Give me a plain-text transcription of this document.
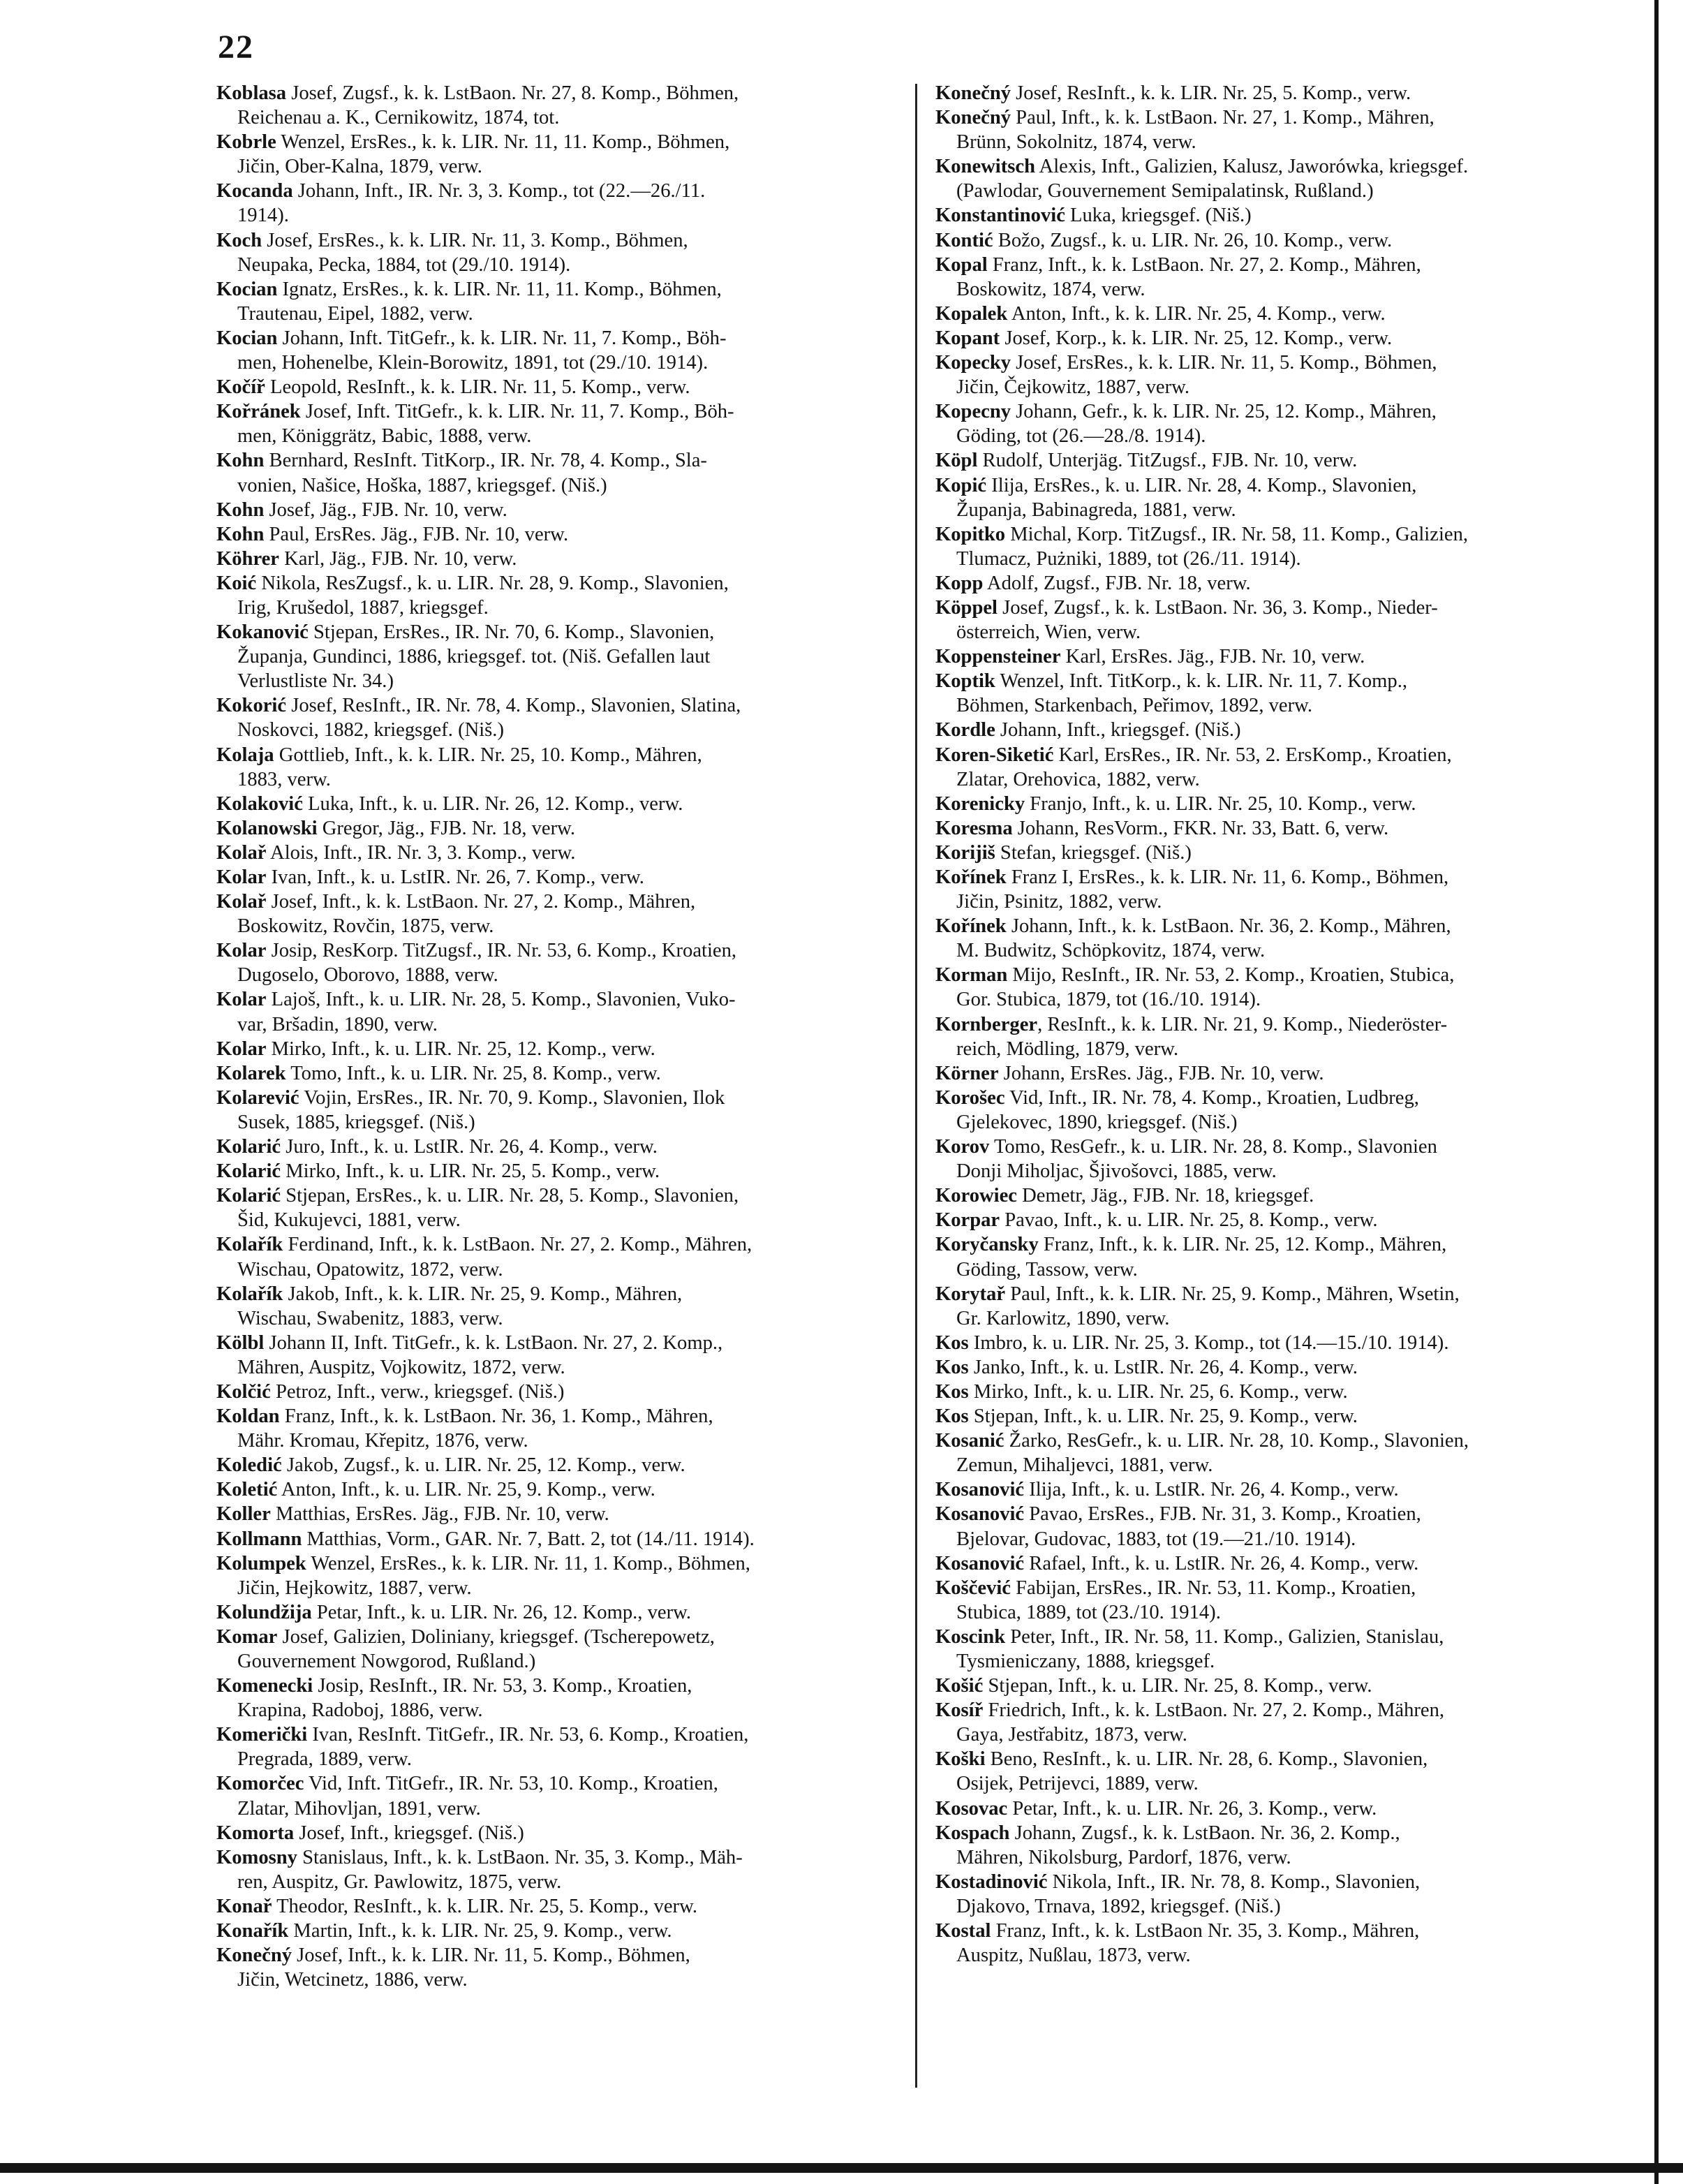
22
Koblasa Josef, Zugsf., k. k. LstBaon. Nr. 27, 8. Komp., Böhmen,
Reichenau a. K., Cernikowitz, 1874, tot.
Kobrle Wenzel, ErsRes., k. k. LIR. Nr. 11, 11. Komp., Böhmen,
Jičin, Ober-Kalna, 1879, verw.
Kocanda Johann, Inft., IR. Nr. 3, 3. Komp., tot (22.—26./11.
1914).
Koch Josef, ErsRes., k. k. LIR. Nr. 11, 3. Komp., Böhmen,
Neupaka, Pecka, 1884, tot (29./10. 1914).
Kocian Ignatz, ErsRes., k. k. LIR. Nr. 11, 11. Komp., Böhmen,
Trautenau, Eipel, 1882, verw.
Kocian Johann, Inft. TitGefr., k. k. LIR. Nr. 11, 7. Komp., Böh-
men, Hohenelbe, Klein-Borowitz, 1891, tot (29./10. 1914).
Kočíř Leopold, ResInft., k. k. LIR. Nr. 11, 5. Komp., verw.
Kořránek Josef, Inft. TitGefr., k. k. LIR. Nr. 11, 7. Komp., Böh-
men, Königgrätz, Babic, 1888, verw.
Kohn Bernhard, ResInft. TitKorp., IR. Nr. 78, 4. Komp., Sla-
vonien, Našice, Hoška, 1887, kriegsgef. (Niš.)
Kohn Josef, Jäg., FJB. Nr. 10, verw.
Kohn Paul, ErsRes. Jäg., FJB. Nr. 10, verw.
Köhrer Karl, Jäg., FJB. Nr. 10, verw.
Koić Nikola, ResZugsf., k. u. LIR. Nr. 28, 9. Komp., Slavonien,
Irig, Krušedol, 1887, kriegsgef.
Kokanović Stjepan, ErsRes., IR. Nr. 70, 6. Komp., Slavonien,
Županja, Gundinci, 1886, kriegsgef. tot. (Niš. Gefallen laut
Verlustliste Nr. 34.)
Kokorić Josef, ResInft., IR. Nr. 78, 4. Komp., Slavonien, Slatina,
Noskovci, 1882, kriegsgef. (Niš.)
Kolaja Gottlieb, Inft., k. k. LIR. Nr. 25, 10. Komp., Mähren,
1883, verw.
Kolaković Luka, Inft., k. u. LIR. Nr. 26, 12. Komp., verw.
Kolanowski Gregor, Jäg., FJB. Nr. 18, verw.
Kolař Alois, Inft., IR. Nr. 3, 3. Komp., verw.
Kolar Ivan, Inft., k. u. LstIR. Nr. 26, 7. Komp., verw.
Kolař Josef, Inft., k. k. LstBaon. Nr. 27, 2. Komp., Mähren,
Boskowitz, Rovčin, 1875, verw.
Kolar Josip, ResKorp. TitZugsf., IR. Nr. 53, 6. Komp., Kroatien,
Dugoselo, Oborovo, 1888, verw.
Kolar Lajoš, Inft., k. u. LIR. Nr. 28, 5. Komp., Slavonien, Vuko-
var, Bršadin, 1890, verw.
Kolar Mirko, Inft., k. u. LIR. Nr. 25, 12. Komp., verw.
Kolarek Tomo, Inft., k. u. LIR. Nr. 25, 8. Komp., verw.
Kolarević Vojin, ErsRes., IR. Nr. 70, 9. Komp., Slavonien, Ilok
Susek, 1885, kriegsgef. (Niš.)
Kolarić Juro, Inft., k. u. LstIR. Nr. 26, 4. Komp., verw.
Kolarić Mirko, Inft., k. u. LIR. Nr. 25, 5. Komp., verw.
Kolarić Stjepan, ErsRes., k. u. LIR. Nr. 28, 5. Komp., Slavonien,
Šid, Kukujevci, 1881, verw.
Kolařík Ferdinand, Inft., k. k. LstBaon. Nr. 27, 2. Komp., Mähren,
Wischau, Opatowitz, 1872, verw.
Kolařík Jakob, Inft., k. k. LIR. Nr. 25, 9. Komp., Mähren,
Wischau, Swabenitz, 1883, verw.
Kölbl Johann II, Inft. TitGefr., k. k. LstBaon. Nr. 27, 2. Komp.,
Mähren, Auspitz, Vojkowitz, 1872, verw.
Kolčić Petroz, Inft., verw., kriegsgef. (Niš.)
Koldan Franz, Inft., k. k. LstBaon. Nr. 36, 1. Komp., Mähren,
Mähr. Kromau, Křepitz, 1876, verw.
Koledić Jakob, Zugsf., k. u. LIR. Nr. 25, 12. Komp., verw.
Koletić Anton, Inft., k. u. LIR. Nr. 25, 9. Komp., verw.
Koller Matthias, ErsRes. Jäg., FJB. Nr. 10, verw.
Kollmann Matthias, Vorm., GAR. Nr. 7, Batt. 2, tot (14./11. 1914).
Kolumpek Wenzel, ErsRes., k. k. LIR. Nr. 11, 1. Komp., Böhmen,
Jičin, Hejkowitz, 1887, verw.
Kolundžija Petar, Inft., k. u. LIR. Nr. 26, 12. Komp., verw.
Komar Josef, Galizien, Doliniany, kriegsgef. (Tscherepowetz,
Gouvernement Nowgorod, Rußland.)
Komenecki Josip, ResInft., IR. Nr. 53, 3. Komp., Kroatien,
Krapina, Radoboj, 1886, verw.
Komerički Ivan, ResInft. TitGefr., IR. Nr. 53, 6. Komp., Kroatien,
Pregrada, 1889, verw.
Komorčec Vid, Inft. TitGefr., IR. Nr. 53, 10. Komp., Kroatien,
Zlatar, Mihovljan, 1891, verw.
Komorta Josef, Inft., kriegsgef. (Niš.)
Komosny Stanislaus, Inft., k. k. LstBaon. Nr. 35, 3. Komp., Mäh-
ren, Auspitz, Gr. Pawlowitz, 1875, verw.
Konař Theodor, ResInft., k. k. LIR. Nr. 25, 5. Komp., verw.
Konařík Martin, Inft., k. k. LIR. Nr. 25, 9. Komp., verw.
Konečný Josef, Inft., k. k. LIR. Nr. 11, 5. Komp., Böhmen,
Jičin, Wetcinetz, 1886, verw.
Konečný Josef, ResInft., k. k. LIR. Nr. 25, 5. Komp., verw.
Konečný Paul, Inft., k. k. LstBaon. Nr. 27, 1. Komp., Mähren,
Brünn, Sokolnitz, 1874, verw.
Konewitsch Alexis, Inft., Galizien, Kalusz, Jaworówka, kriegsgef.
(Pawlodar, Gouvernement Semipalatinsk, Rußland.)
Konstantinović Luka, kriegsgef. (Niš.)
Kontić Božo, Zugsf., k. u. LIR. Nr. 26, 10. Komp., verw.
Kopal Franz, Inft., k. k. LstBaon. Nr. 27, 2. Komp., Mähren,
Boskowitz, 1874, verw.
Kopalek Anton, Inft., k. k. LIR. Nr. 25, 4. Komp., verw.
Kopant Josef, Korp., k. k. LIR. Nr. 25, 12. Komp., verw.
Kopecky Josef, ErsRes., k. k. LIR. Nr. 11, 5. Komp., Böhmen,
Jičin, Čejkowitz, 1887, verw.
Kopecny Johann, Gefr., k. k. LIR. Nr. 25, 12. Komp., Mähren,
Göding, tot (26.—28./8. 1914).
Köpl Rudolf, Unterjäg. TitZugsf., FJB. Nr. 10, verw.
Kopić Ilija, ErsRes., k. u. LIR. Nr. 28, 4. Komp., Slavonien,
Županja, Babinagreda, 1881, verw.
Kopitko Michal, Korp. TitZugsf., IR. Nr. 58, 11. Komp., Galizien,
Tlumacz, Pużniki, 1889, tot (26./11. 1914).
Kopp Adolf, Zugsf., FJB. Nr. 18, verw.
Köppel Josef, Zugsf., k. k. LstBaon. Nr. 36, 3. Komp., Nieder-
österreich, Wien, verw.
Koppensteiner Karl, ErsRes. Jäg., FJB. Nr. 10, verw.
Koptik Wenzel, Inft. TitKorp., k. k. LIR. Nr. 11, 7. Komp.,
Böhmen, Starkenbach, Peřimov, 1892, verw.
Kordle Johann, Inft., kriegsgef. (Niš.)
Koren-Siketić Karl, ErsRes., IR. Nr. 53, 2. ErsKomp., Kroatien,
Zlatar, Orehovica, 1882, verw.
Korenicky Franjo, Inft., k. u. LIR. Nr. 25, 10. Komp., verw.
Koresma Johann, ResVorm., FKR. Nr. 33, Batt. 6, verw.
Korijiš Stefan, kriegsgef. (Niš.)
Kořínek Franz I, ErsRes., k. k. LIR. Nr. 11, 6. Komp., Böhmen,
Jičin, Psinitz, 1882, verw.
Kořínek Johann, Inft., k. k. LstBaon. Nr. 36, 2. Komp., Mähren,
M. Budwitz, Schöpkovitz, 1874, verw.
Korman Mijo, ResInft., IR. Nr. 53, 2. Komp., Kroatien, Stubica,
Gor. Stubica, 1879, tot (16./10. 1914).
Kornberger, ResInft., k. k. LIR. Nr. 21, 9. Komp., Niederöster-
reich, Mödling, 1879, verw.
Körner Johann, ErsRes. Jäg., FJB. Nr. 10, verw.
Korošec Vid, Inft., IR. Nr. 78, 4. Komp., Kroatien, Ludbreg,
Gjelekovec, 1890, kriegsgef. (Niš.)
Korov Tomo, ResGefr., k. u. LIR. Nr. 28, 8. Komp., Slavonien
Donji Miholjac, Šjivošovci, 1885, verw.
Korowiec Demetr, Jäg., FJB. Nr. 18, kriegsgef.
Korpar Pavao, Inft., k. u. LIR. Nr. 25, 8. Komp., verw.
Koryčansky Franz, Inft., k. k. LIR. Nr. 25, 12. Komp., Mähren,
Göding, Tassow, verw.
Korytař Paul, Inft., k. k. LIR. Nr. 25, 9. Komp., Mähren, Wsetin,
Gr. Karlowitz, 1890, verw.
Kos Imbro, k. u. LIR. Nr. 25, 3. Komp., tot (14.—15./10. 1914).
Kos Janko, Inft., k. u. LstIR. Nr. 26, 4. Komp., verw.
Kos Mirko, Inft., k. u. LIR. Nr. 25, 6. Komp., verw.
Kos Stjepan, Inft., k. u. LIR. Nr. 25, 9. Komp., verw.
Kosanić Žarko, ResGefr., k. u. LIR. Nr. 28, 10. Komp., Slavonien,
Zemun, Mihaljevci, 1881, verw.
Kosanović Ilija, Inft., k. u. LstIR. Nr. 26, 4. Komp., verw.
Kosanović Pavao, ErsRes., FJB. Nr. 31, 3. Komp., Kroatien,
Bjelovar, Gudovac, 1883, tot (19.—21./10. 1914).
Kosanović Rafael, Inft., k. u. LstIR. Nr. 26, 4. Komp., verw.
Koščević Fabijan, ErsRes., IR. Nr. 53, 11. Komp., Kroatien,
Stubica, 1889, tot (23./10. 1914).
Koscink Peter, Inft., IR. Nr. 58, 11. Komp., Galizien, Stanislau,
Tysmieniczany, 1888, kriegsgef.
Košić Stjepan, Inft., k. u. LIR. Nr. 25, 8. Komp., verw.
Kosíř Friedrich, Inft., k. k. LstBaon. Nr. 27, 2. Komp., Mähren,
Gaya, Jestřabitz, 1873, verw.
Koški Beno, ResInft., k. u. LIR. Nr. 28, 6. Komp., Slavonien,
Osijek, Petrijevci, 1889, verw.
Kosovac Petar, Inft., k. u. LIR. Nr. 26, 3. Komp., verw.
Kospach Johann, Zugsf., k. k. LstBaon. Nr. 36, 2. Komp.,
Mähren, Nikolsburg, Pardorf, 1876, verw.
Kostadinović Nikola, Inft., IR. Nr. 78, 8. Komp., Slavonien,
Djakovo, Trnava, 1892, kriegsgef. (Niš.)
Kostal Franz, Inft., k. k. LstBaon Nr. 35, 3. Komp., Mähren,
Auspitz, Nußlau, 1873, verw.
